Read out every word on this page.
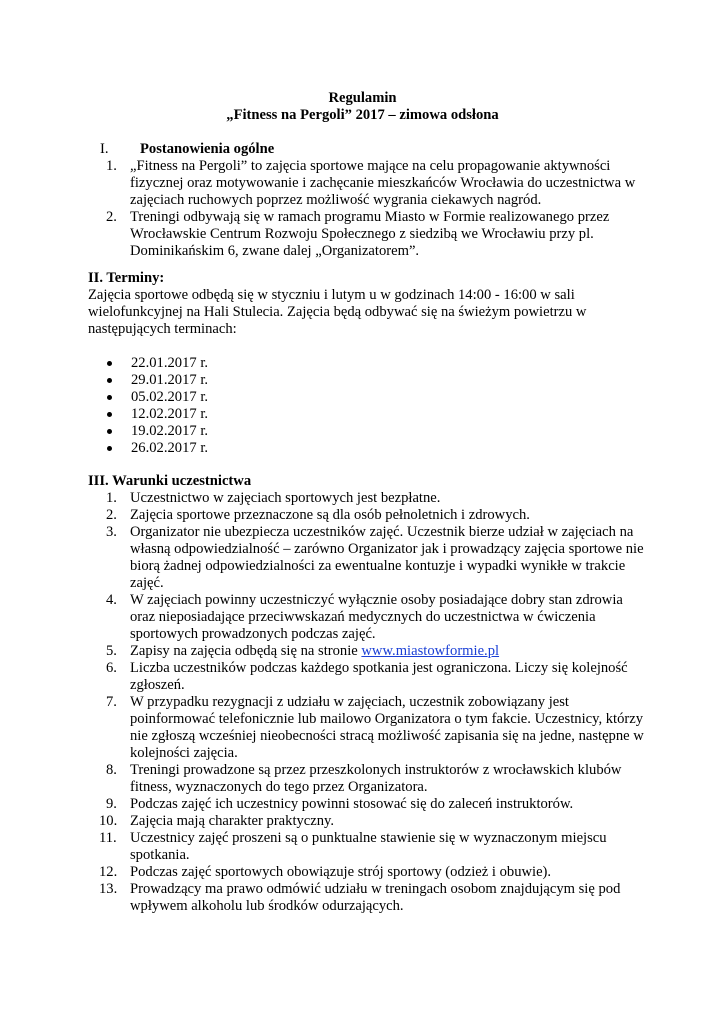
Regulamin
„Fitness na Pergoli” 2017 – zimowa odsłona
I. Postanowienia ogólne
1. „Fitness na Pergoli” to zajęcia sportowe mające na celu propagowanie aktywności fizycznej oraz motywowanie i zachęcanie mieszkańców Wrocławia do uczestnictwa w zajęciach ruchowych poprzez możliwość wygrania ciekawych nagród.
2. Treningi odbywają się w ramach programu Miasto w Formie realizowanego przez Wrocławskie Centrum Rozwoju Społecznego z siedzibą we Wrocławiu przy pl. Dominikańskim 6, zwane dalej „Organizatorem”.
II. Terminy:

Zajęcia sportowe odbędą się w styczniu i lutym u w godzinach 14:00 - 16:00 w sali wielofunkcyjnej na Hali Stulecia. Zajęcia będą odbywać się na świeżym powietrzu w następujących terminach:

22.01.2017 r.
29.01.2017 r.
05.02.2017 r.
12.02.2017 r.
19.02.2017 r.
26.02.2017 r.
III. Warunki uczestnictwa
1. Uczestnictwo w zajęciach sportowych jest bezpłatne.
2. Zajęcia sportowe przeznaczone są dla osób pełnoletnich i zdrowych.
3. Organizator nie ubezpiecza uczestników zajęć. Uczestnik bierze udział w zajęciach na własną odpowiedzialność – zarówno Organizator jak i prowadzący zajęcia sportowe nie biorą żadnej odpowiedzialności za ewentualne kontuzje i wypadki wynikłe w trakcie zajęć.
4. W zajęciach powinny uczestniczyć wyłącznie osoby posiadające dobry stan zdrowia oraz nieposiadające przeciwwskazań medycznych do uczestnictwa w ćwiczenia sportowych prowadzonych podczas zajęć.
5. Zapisy na zajęcia odbędą się na stronie www.miastowformie.pl
6. Liczba uczestników podczas każdego spotkania jest ograniczona. Liczy się kolejność zgłoszeń.
7. W przypadku rezygnacji z udziału w zajęciach, uczestnik zobowiązany jest poinformować telefonicznie lub mailowo Organizatora o tym fakcie. Uczestnicy, którzy nie zgłoszą wcześniej nieobecności stracą możliwość zapisania się na jedne, następne w kolejności zajęcia.
8. Treningi prowadzone są przez przeszkolonych instruktorów z wrocławskich klubów fitness, wyznaczonych do tego przez Organizatora.
9. Podczas zajęć ich uczestnicy powinni stosować się do zaleceń instruktorów.
10. Zajęcia mają charakter praktyczny.
11. Uczestnicy zajęć proszeni są o punktualne stawienie się w wyznaczonym miejscu spotkania.
12. Podczas zajęć sportowych obowiązuje strój sportowy (odzież i obuwie).
13. Prowadzący ma prawo odmówić udziału w treningach osobom znajdującym się pod wpływem alkoholu lub środków odurzających.
